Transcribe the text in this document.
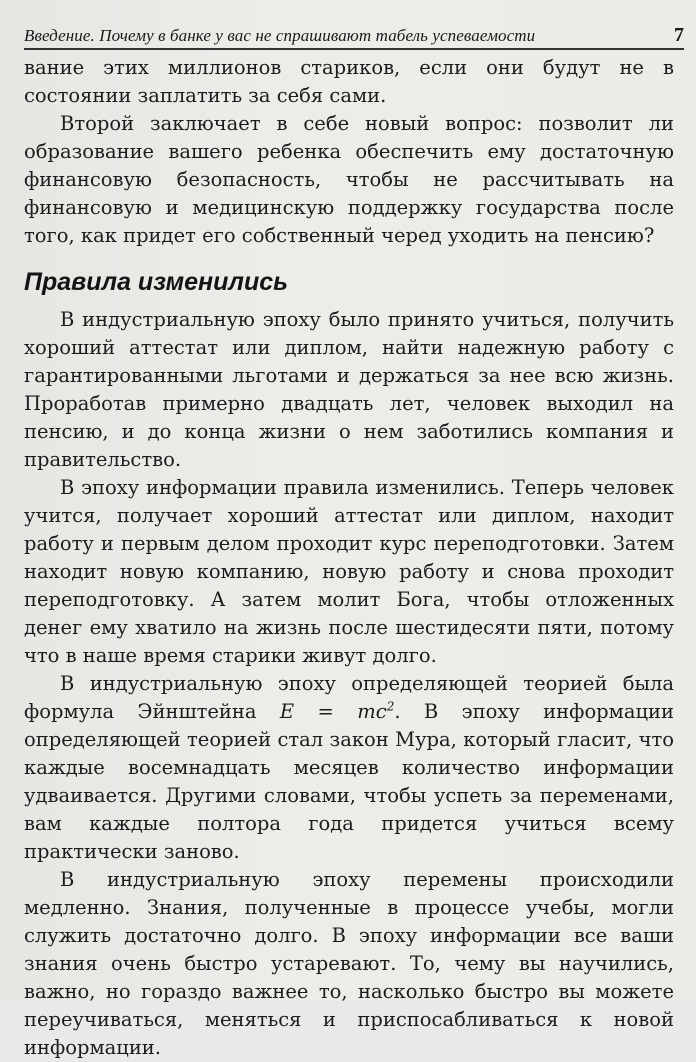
Введение. Почему в банке у вас не спрашивают табель успеваемости	7

вание этих миллионов стариков, если они будут не в состоянии заплатить за себя сами.

Второй заключает в себе новый вопрос: позволит ли образование вашего ребенка обеспечить ему достаточную финансовую безопасность, чтобы не рассчитывать на финансовую и медицинскую поддержку государства после того, как придет его собственный черед уходить на пенсию?

Правила изменились

В индустриальную эпоху было принято учиться, получить хороший аттестат или диплом, найти надежную работу с гарантированными льготами и держаться за нее всю жизнь. Проработав примерно двадцать лет, человек выходил на пенсию, и до конца жизни о нем заботились компания и правительство.

В эпоху информации правила изменились. Теперь человек учится, получает хороший аттестат или диплом, находит работу и первым делом проходит курс переподготовки. Затем находит новую компанию, новую работу и снова проходит переподготовку. А затем молит Бога, чтобы отложенных денег ему хватило на жизнь после шестидесяти пяти, потому что в наше время старики живут долго.

В индустриальную эпоху определяющей теорией была формула Эйнштейна $E = mc^2$. В эпоху информации определяющей теорией стал закон Мура, который гласит, что каждые восемнадцать месяцев количество информации удваивается. Другими словами, чтобы успеть за переменами, вам каждые полтора года придется учиться всему практически заново.

В индустриальную эпоху перемены происходили медленно. Знания, полученные в процессе учебы, могли служить достаточно долго. В эпоху информации все ваши знания очень быстро устаревают. То, чему вы научились, важно, но гораздо важнее то, насколько быстро вы можете переучиваться, меняться и приспосабливаться к новой информации.
